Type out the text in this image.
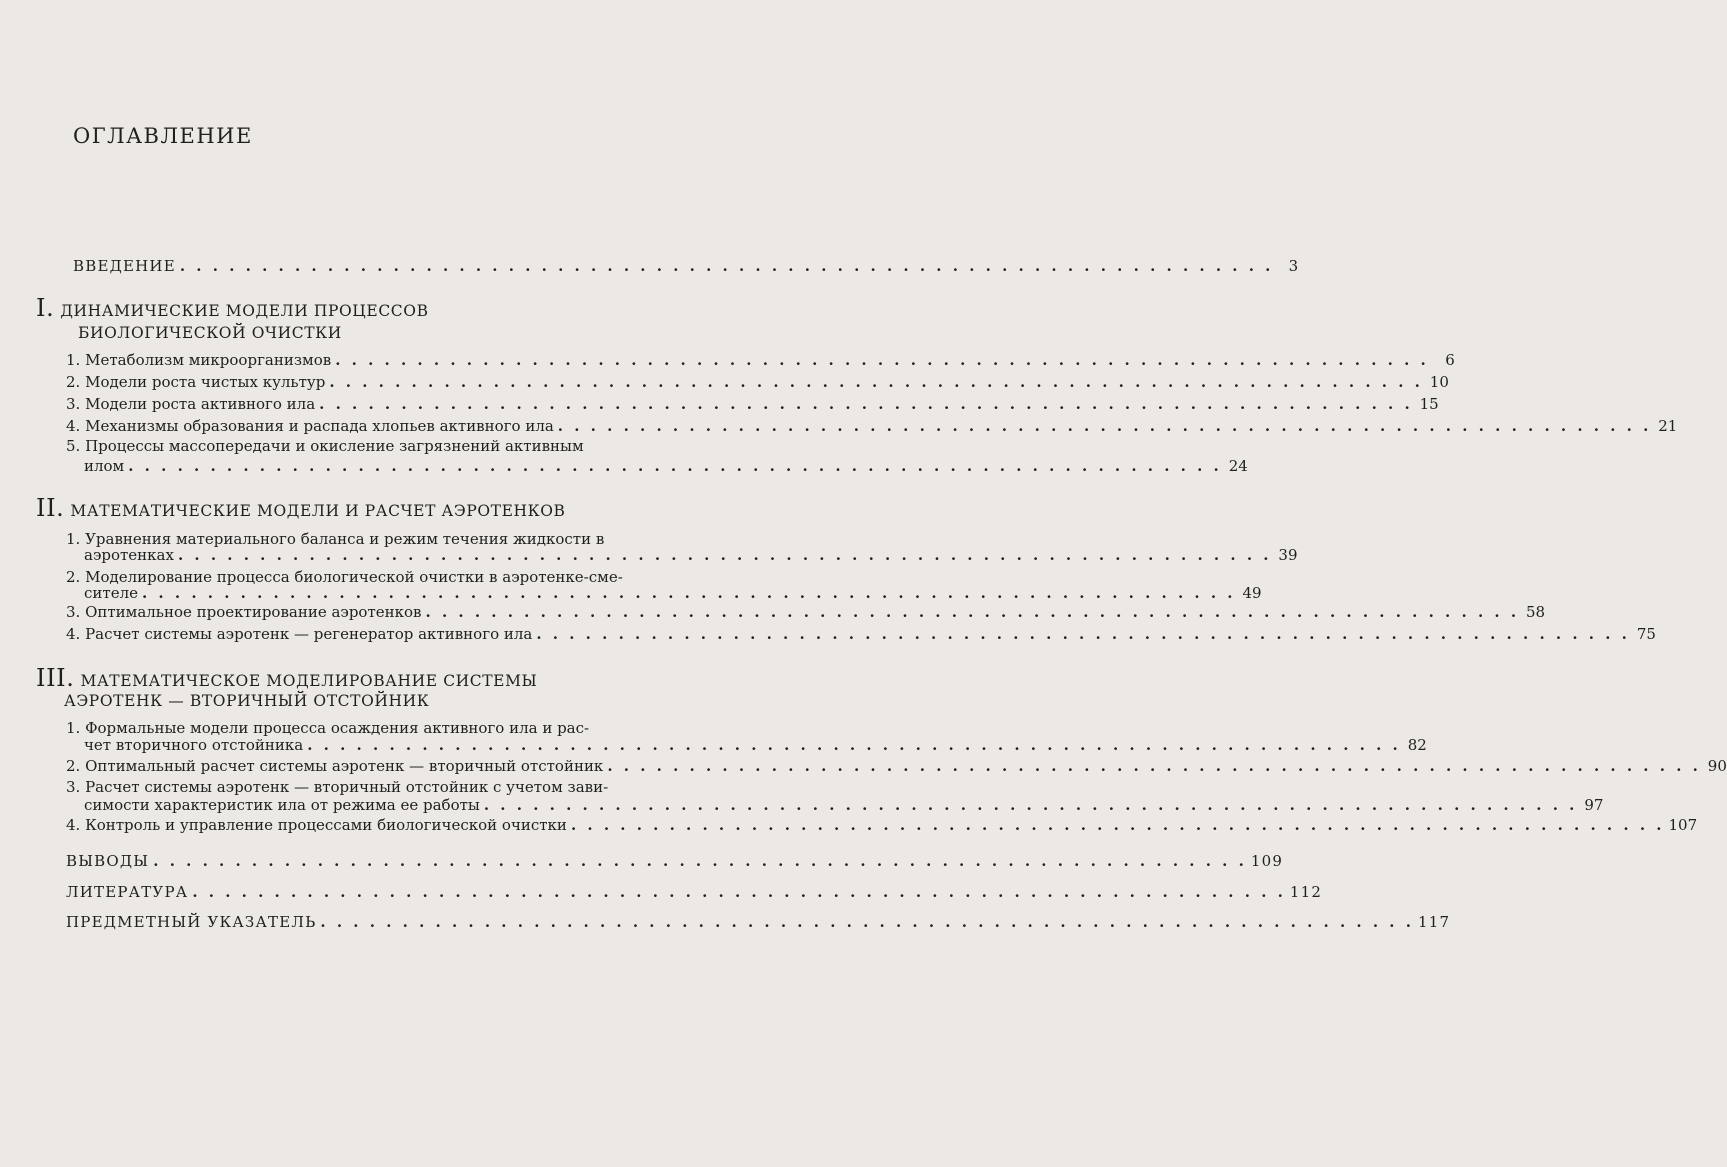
ОГЛАВЛЕНИЕ
ВВЕДЕНИЕ . . . . . . . . . . . . . . . . . . . . . . . . . . . . . . . . . . . . . . . . . . . . . . . . . . . . . . . . . . . . . . . . . . .	3
I. ДИНАМИЧЕСКИЕ МОДЕЛИ ПРОЦЕССОВ
БИОЛОГИЧЕСКОЙ ОЧИСТКИ
1. Метаболизм микроорганизмов . . . . . . . . . . . . . . . . . . . . . . . . . . . . . . . . . . . . . . . . . . . . . . . . . . . . . . . . . . . . . . . . . . .	6
2. Модели роста чистых культур . . . . . . . . . . . . . . . . . . . . . . . . . . . . . . . . . . . . . . . . . . . . . . . . . . . . . . . . . . . . . . . . . . . 10
3. Модели роста активного ила . . . . . . . . . . . . . . . . . . . . . . . . . . . . . . . . . . . . . . . . . . . . . . . . . . . . . . . . . . . . . . . . . . . 15
4. Механизмы образования и распада хлопьев активного ила . . . . . . . . . . . . . . . . . . . . . . . . . . . . . . . . . . . . . . . . . . . . . . . . . . . . . . . . . . . . . . . . . . . 21
5. Процессы массопередачи и окисление загрязнений активным
илом . . . . . . . . . . . . . . . . . . . . . . . . . . . . . . . . . . . . . . . . . . . . . . . . . . . . . . . . . . . . . . . . . . . 24
II. МАТЕМАТИЧЕСКИЕ МОДЕЛИ И РАСЧЕТ АЭРОТЕНКОВ
1. Уравнения материального баланса и режим течения жидкости в
аэротенках . . . . . . . . . . . . . . . . . . . . . . . . . . . . . . . . . . . . . . . . . . . . . . . . . . . . . . . . . . . . . . . . . . . 39
2. Моделирование процесса биологической очистки в аэротенке-сме-
сителе . . . . . . . . . . . . . . . . . . . . . . . . . . . . . . . . . . . . . . . . . . . . . . . . . . . . . . . . . . . . . . . . . . . 49
3. Оптимальное проектирование аэротенков . . . . . . . . . . . . . . . . . . . . . . . . . . . . . . . . . . . . . . . . . . . . . . . . . . . . . . . . . . . . . . . . . . . 58
4. Расчет системы аэротенк — регенератор активного ила . . . . . . . . . . . . . . . . . . . . . . . . . . . . . . . . . . . . . . . . . . . . . . . . . . . . . . . . . . . . . . . . . . . 75
III. МАТЕМАТИЧЕСКОЕ МОДЕЛИРОВАНИЕ СИСТЕМЫ
АЭРОТЕНК — ВТОРИЧНЫЙ ОТСТОЙНИК
1. Формальные модели процесса осаждения активного ила и рас-
чет вторичного отстойника . . . . . . . . . . . . . . . . . . . . . . . . . . . . . . . . . . . . . . . . . . . . . . . . . . . . . . . . . . . . . . . . . . . 82
2. Оптимальный расчет системы аэротенк — вторичный отстойник . . . . . . . . . . . . . . . . . . . . . . . . . . . . . . . . . . . . . . . . . . . . . . . . . . . . . . . . . . . . . . . . . . . 90
3. Расчет системы аэротенк — вторичный отстойник с учетом зави-
симости характеристик ила от режима ее работы . . . . . . . . . . . . . . . . . . . . . . . . . . . . . . . . . . . . . . . . . . . . . . . . . . . . . . . . . . . . . . . . . . . 97
4. Контроль и управление процессами биологической очистки . . . . . . . . . . . . . . . . . . . . . . . . . . . . . . . . . . . . . . . . . . . . . . . . . . . . . . . . . . . . . . . . . . . 107
ВЫВОДЫ . . . . . . . . . . . . . . . . . . . . . . . . . . . . . . . . . . . . . . . . . . . . . . . . . . . . . . . . . . . . . . . . . . . 109
ЛИТЕРАТУРА . . . . . . . . . . . . . . . . . . . . . . . . . . . . . . . . . . . . . . . . . . . . . . . . . . . . . . . . . . . . . . . . . . . 112
ПРЕДМЕТНЫЙ УКАЗАТЕЛЬ . . . . . . . . . . . . . . . . . . . . . . . . . . . . . . . . . . . . . . . . . . . . . . . . . . . . . . . . . . . . . . . . . . . 117
